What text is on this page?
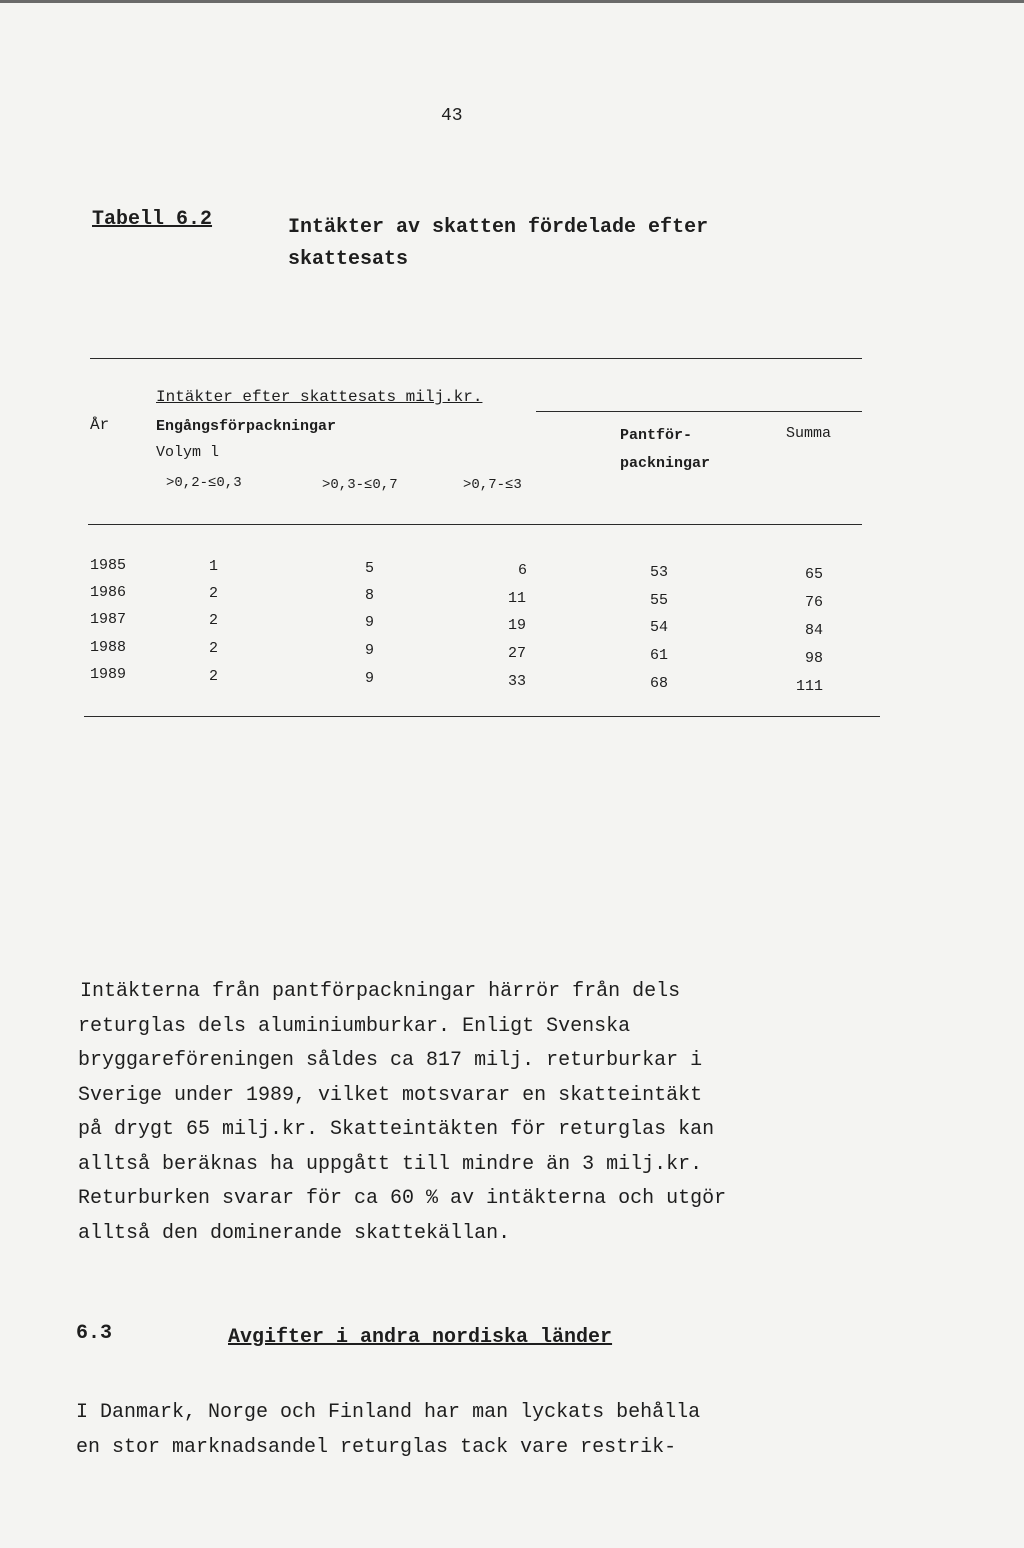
43
Tabell 6.2	Intäkter av skatten fördelade efter
skattesats
Intäkter efter skattesats milj.kr.
År	Engångsförpackningar
Volym l
>0,2-≤0,3	>0,3-≤0,7	>0,7-≤3
Pantför-
packningar
Summa
1985	1	5	6	53	65
1986	2	8	11	55	76
1987	2	9	19	54	84
1988	2	9	27	61	98
1989	2	9	33	68	111
Intäkterna från pantförpackningar härrör från dels
returglas dels aluminiumburkar. Enligt Svenska
bryggareföreningen såldes ca 817 milj. returburkar i
Sverige under 1989, vilket motsvarar en skatteintäkt
på drygt 65 milj.kr. Skatteintäkten för returglas kan
alltså beräknas ha uppgått till mindre än 3 milj.kr.
Returburken svarar för ca 60 % av intäkterna och utgör
alltså den dominerande skattekällan.
6.3	Avgifter i andra nordiska länder
I Danmark, Norge och Finland har man lyckats behålla
en stor marknadsandel returglas tack vare restrik-
